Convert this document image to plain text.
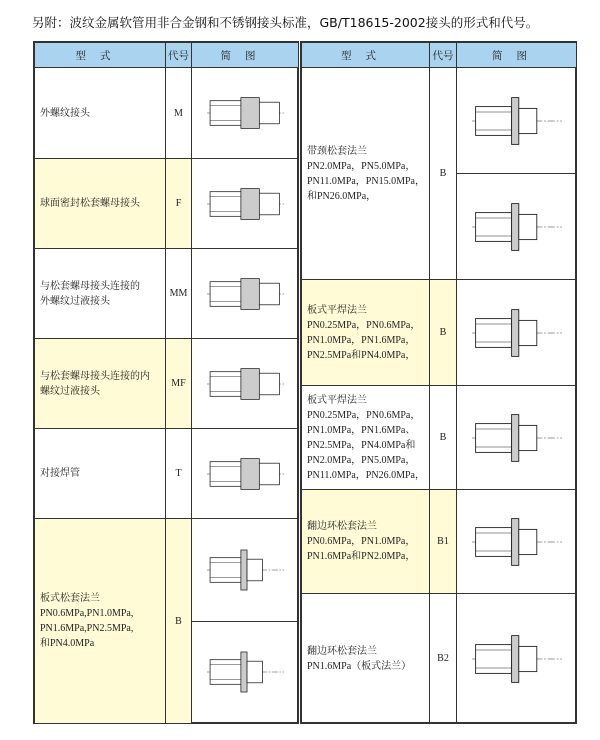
另附：波纹金属软管用非合金钢和不锈钢接头标准，GB/T18615-2002接头的形式和代号。
型式	代号	简图
外螺纹接头	M
球面密封松套螺母接头	F
与松套螺母接头连接的
外螺纹过液接头
MM
与松套螺母接头连接的内
螺纹过液接头
MF
对接焊管	T
板式松套法兰
PN0.6MPa,PN1.0MPa,
PN1.6MPa,PN2.5MPa,
和PN4.0MPa
B
型式	代号	简图
带颈松套法兰
PN2.0MPa，PN5.0MPa，
PN11.0MPa，PN15.0MPa，
和PN26.0MPa，
B
板式平焊法兰
PN0.25MPa，PN0.6MPa，
PN1.0MPa，PN1.6MPa，
PN2.5MPa和PN4.0MPa，
B
板式平焊法兰
PN0.25MPa，PN0.6MPa，
PN1.0MPa，PN1.6MPa、
PN2.5MPa，PN4.0MPa和
PN2.0MPa，PN5.0MPa，
PN11.0MPa，PN26.0MPa，
B
翻边环松套法兰
PN0.6MPa，PN1.0MPa，
PN1.6MPa和PN2.0MPa，
B1
翻边环松套法兰
PN1.6MPa（板式法兰）
B2
